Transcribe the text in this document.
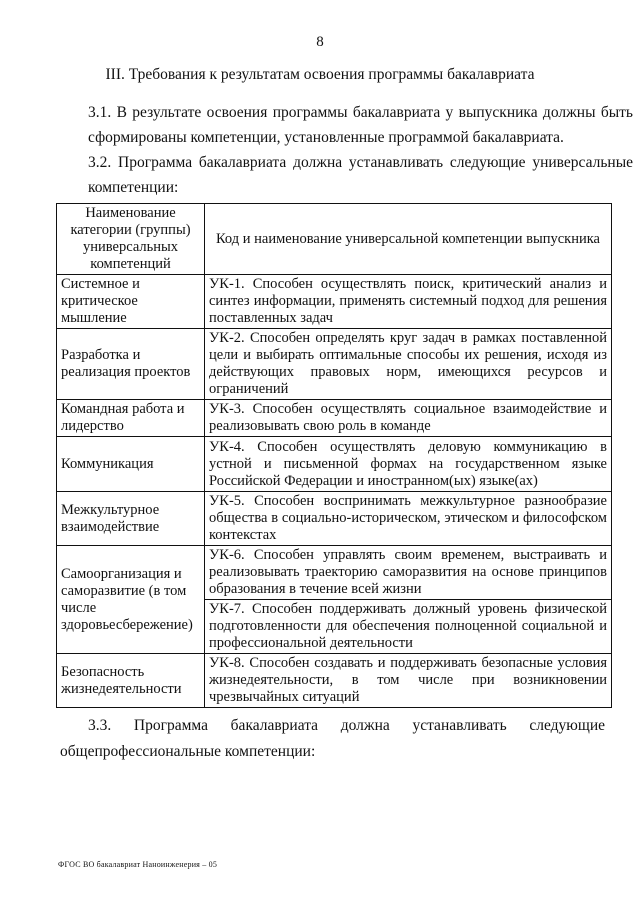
8
III. Требования к результатам освоения программы бакалавриата
3.1. В результате освоения программы бакалавриата у выпускника должны быть сформированы компетенции, установленные программой бакалавриата.
3.2. Программа бакалавриата должна устанавливать следующие универсальные компетенции:
Наименование категории (группы) универсальных компетенций	Код и наименование универсальной компетенции выпускника
Системное и критическое мышление	УК-1. Способен осуществлять поиск, критический анализ и синтез информации, применять системный подход для решения поставленных задач
Разработка и реализация проектов	УК-2. Способен определять круг задач в рамках поставленной цели и выбирать оптимальные способы их решения, исходя из действующих правовых норм, имеющихся ресурсов и ограничений
Командная работа и лидерство	УК-3. Способен осуществлять социальное взаимодействие и реализовывать свою роль в команде
Коммуникация	УК-4. Способен осуществлять деловую коммуникацию в устной и письменной формах на государственном языке Российской Федерации и иностранном(ых) языке(ах)
Межкультурное взаимодействие	УК-5. Способен воспринимать межкультурное разнообразие общества в социально-историческом, этическом и философском контекстах
Самоорганизация и саморазвитие (в том числе здоровьесбережение)	УК-6. Способен управлять своим временем, выстраивать и реализовывать траекторию саморазвития на основе принципов образования в течение всей жизни
	УК-7. Способен поддерживать должный уровень физической подготовленности для обеспечения полноценной социальной и профессиональной деятельности
Безопасность жизнедеятельности	УК-8. Способен создавать и поддерживать безопасные условия жизнедеятельности, в том числе при возникновении чрезвычайных ситуаций
3.3. Программа бакалавриата должна устанавливать следующие
общепрофессиональные компетенции:
ФГОС ВО бакалавриат Наноинженерия – 05
